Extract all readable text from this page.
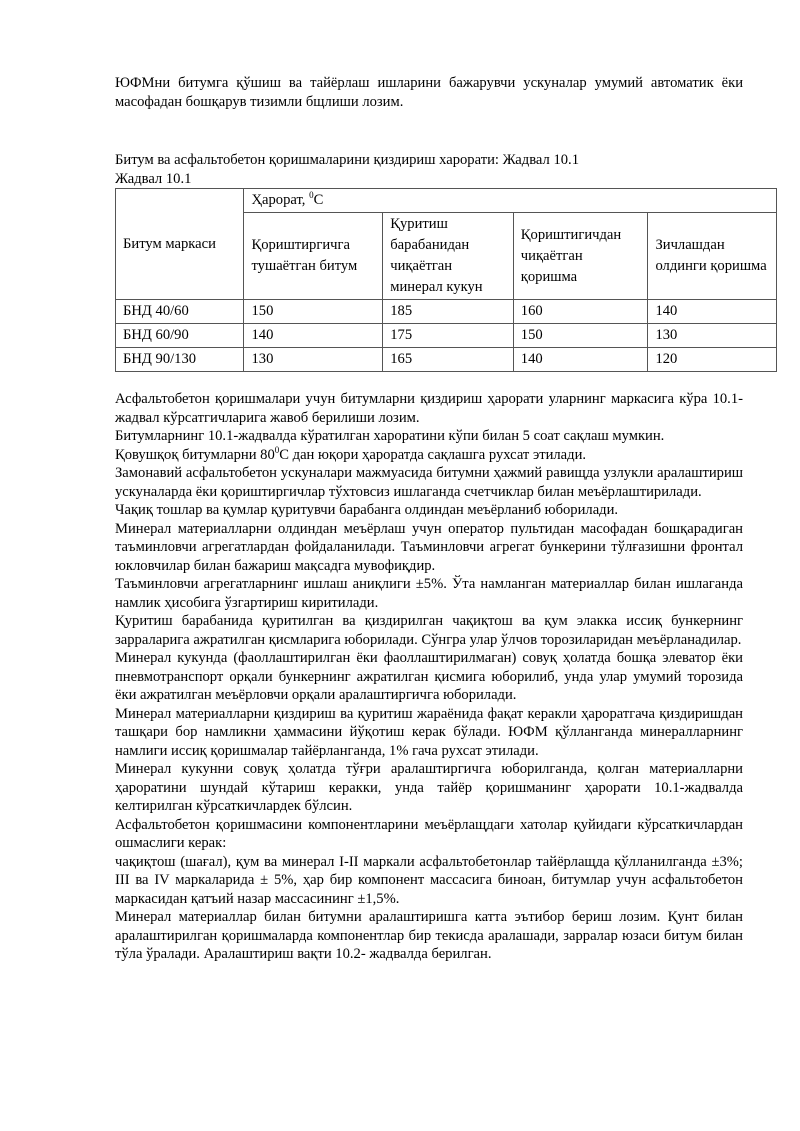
ЮФМни битумга қўшиш ва тайёрлаш ишларини бажарувчи ускуналар умумий автоматик ёки масофадан бошқарув тизимли бщлиши лозим.

Битум ва асфальтобетон қоришмаларини қиздириш харорати: Жадвал 10.1
Жадвал 10.1
Битум маркаси	Ҳарорат, $^0$С			
	Қориштиргичга тушаётган битум	Қуритиш барабанидан чиқаётган минерал кукун	Қориштигичдан чиқаётган қоришма	Зичлашдан олдинги қоришма
БНД 40/60	150	185	160	140
БНД 60/90	140	175	150	130
БНД 90/130	130	165	140	120

Асфальтобетон қоришмалари учун битумларни қиздириш ҳарорати уларнинг маркасига кўра 10.1-жадвал кўрсатгичларига жавоб берилиши лозим.

Битумларнинг 10.1-жадвалда кўратилган хароратини кўпи билан 5 соат сақлаш мумкин.

Қовушқоқ битумларни $80^0С$ дан юқори ҳароратда сақлашга рухсат этилади.

Замонавий асфальтобетон ускуналари мажмуасида битумни ҳажмий равищда узлукли аралаштириш ускуналарда ёки қориштиргичлар тўхтовсиз ишлаганда счетчиклар билан меъёрлаштирилади.

Чақиқ тошлар ва қумлар қуритувчи барабанга олдиндан меъёрланиб юборилади.

Минерал материалларни олдиндан меъёрлаш учун оператор пультидан масофадан бошқарадиган таъминловчи агрегатлардан фойдаланилади. Таъминловчи агрегат бункерини тўлғазишни фронтал юкловчилар билан бажариш мақсадга мувофиқдир.

Таъминловчи агрегатларнинг ишлаш аниқлиги ±5%. Ўта намланган материаллар билан ишлаганда намлик ҳисобига ўзгартириш киритилади.

Қуритиш барабанида қуритилган ва қиздирилган чақиқтош ва қум элакка иссиқ бункернинг зарраларига ажратилган қисмларига юборилади. Сўнгра улар ўлчов торозиларидан меъёрланадилар.

Минерал кукунда (фаоллаштирилган ёки фаоллаштирилмаган) совуқ ҳолатда бошқа элеватор ёки пневмотранспорт орқали бункернинг ажратилган қисмига юборилиб, унда улар умумий торозида ёки ажратилган меъёрловчи орқали аралаштиргичга юборилади.

Минерал материалларни қиздириш ва қуритиш жараёнида фақат керакли ҳароратгача қиздиришдан ташқари бор намликни ҳаммасини йўқотиш керак бўлади. ЮФМ қўлланганда минералларнинг намлиги иссиқ қоришмалар тайёрланганда, 1% гача рухсат этилади.

Минерал кукунни совуқ ҳолатда тўғри аралаштиргичга юборилганда, қолган материалларни ҳароратини шундай кўтариш керакки, унда тайёр қоришманинг ҳарорати 10.1-жадвалда келтирилган кўрсаткичлардек бўлсин.

Асфальтобетон қоришмасини компонентларини меъёрлащдаги хатолар қуйидаги кўрсаткичлардан ошмаслиги керак:

чақиқтош (шағал), қум ва минерал I-II маркали асфальтобетонлар тайёрлащда қўлланилганда ±3%; III ва IV маркаларида ± 5%, ҳар бир компонент массасига биноан, битумлар учун асфальтобетон маркасидан қатъий назар массасининг ±1,5%.

Минерал материаллар билан битумни аралаштиришга катта эътибор бериш лозим. Қунт билан аралаштирилган қоришмаларда компонентлар бир текисда аралашади, зарралар юзаси битум билан тўла ўралади. Аралаштириш вақти 10.2- жадвалда берилган.
